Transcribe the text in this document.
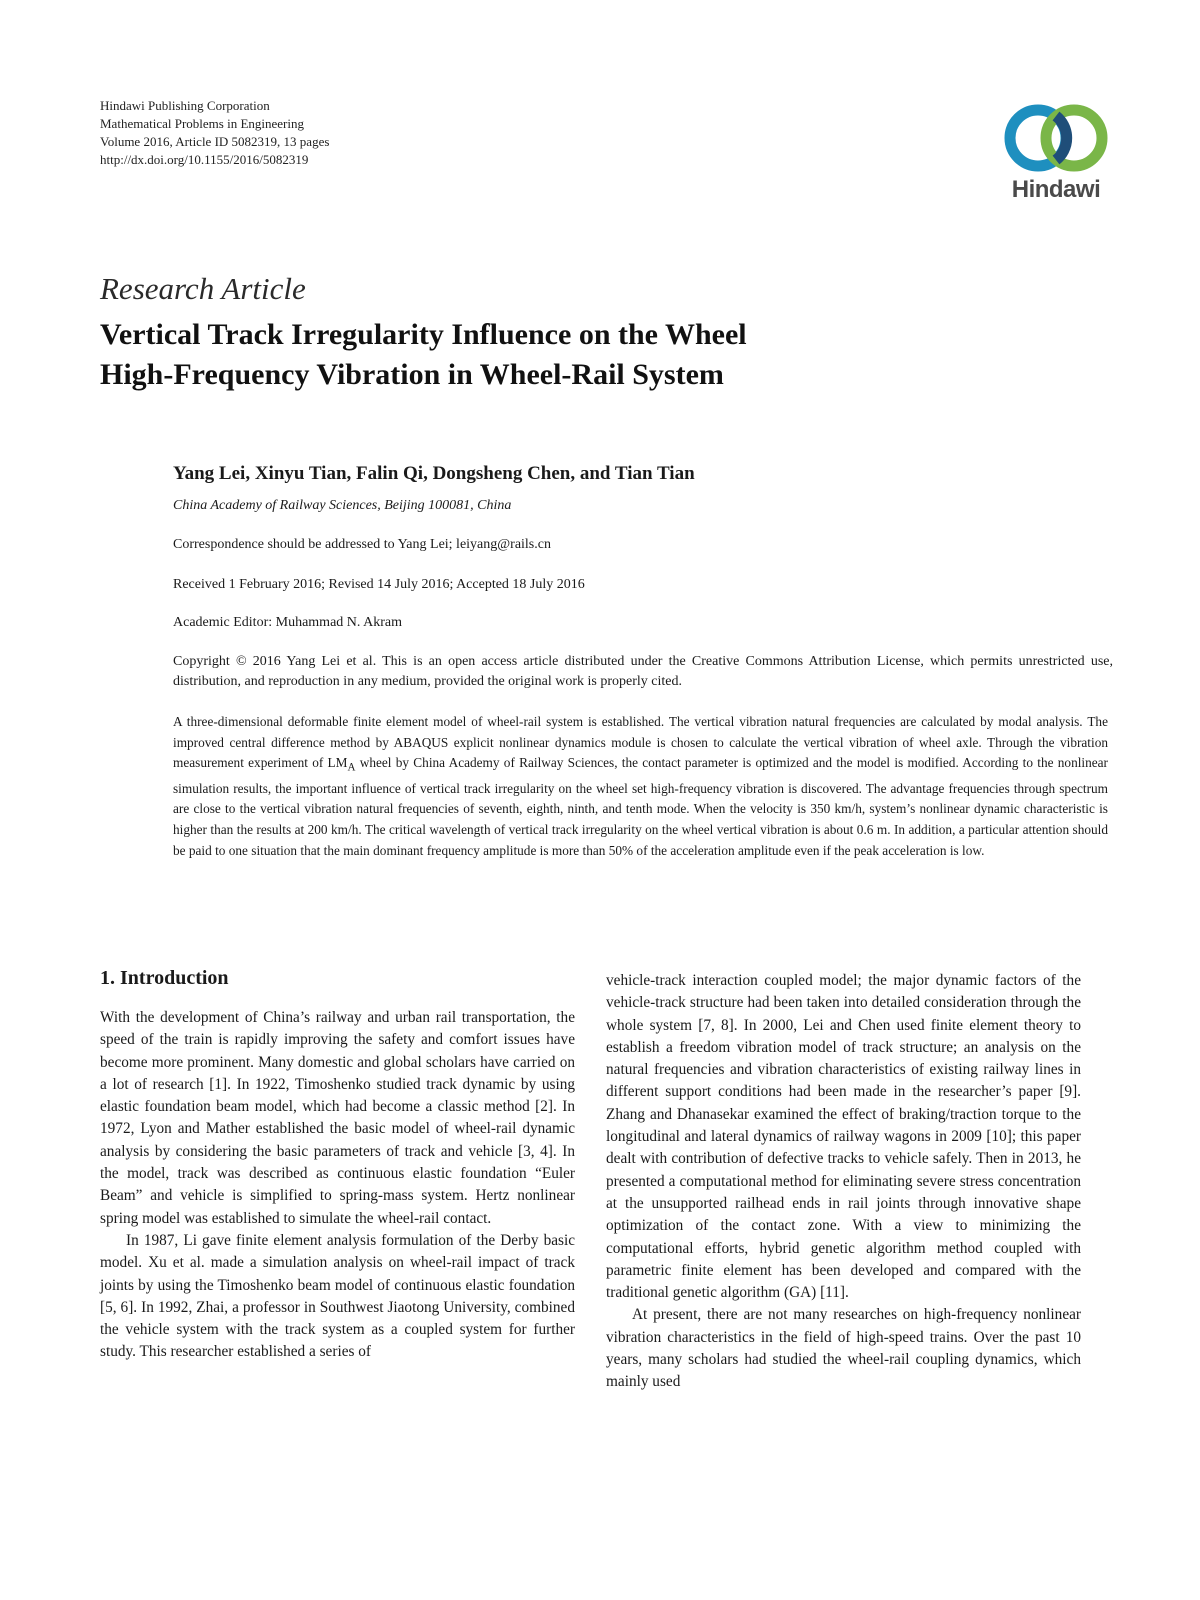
Hindawi Publishing Corporation
Mathematical Problems in Engineering
Volume 2016, Article ID 5082319, 13 pages
http://dx.doi.org/10.1155/2016/5082319
Hindawi
Research Article
Vertical Track Irregularity Influence on the Wheel
High-Frequency Vibration in Wheel-Rail System
Yang Lei, Xinyu Tian, Falin Qi, Dongsheng Chen, and Tian Tian
China Academy of Railway Sciences, Beijing 100081, China
Correspondence should be addressed to Yang Lei; leiyang@rails.cn
Received 1 February 2016; Revised 14 July 2016; Accepted 18 July 2016
Academic Editor: Muhammad N. Akram
Copyright © 2016 Yang Lei et al. This is an open access article distributed under the Creative Commons Attribution License, which permits unrestricted use, distribution, and reproduction in any medium, provided the original work is properly cited.

A three-dimensional deformable finite element model of wheel-rail system is established. The vertical vibration natural frequencies are calculated by modal analysis. The improved central difference method by ABAQUS explicit nonlinear dynamics module is chosen to calculate the vertical vibration of wheel axle. Through the vibration measurement experiment of $LM_A$ wheel by China Academy of Railway Sciences, the contact parameter is optimized and the model is modified. According to the nonlinear simulation results, the important influence of vertical track irregularity on the wheel set high-frequency vibration is discovered. The advantage frequencies through spectrum are close to the vertical vibration natural frequencies of seventh, eighth, ninth, and tenth mode. When the velocity is 350 km/h, system’s nonlinear dynamic characteristic is higher than the results at 200 km/h. The critical wavelength of vertical track irregularity on the wheel vertical vibration is about 0.6 m. In addition, a particular attention should be paid to one situation that the main dominant frequency amplitude is more than 50% of the acceleration amplitude even if the peak acceleration is low.

1. Introduction

With the development of China’s railway and urban rail transportation, the speed of the train is rapidly improving the safety and comfort issues have become more prominent. Many domestic and global scholars have carried on a lot of research [1]. In 1922, Timoshenko studied track dynamic by using elastic foundation beam model, which had become a classic method [2]. In 1972, Lyon and Mather established the basic model of wheel-rail dynamic analysis by considering the basic parameters of track and vehicle [3, 4]. In the model, track was described as continuous elastic foundation “Euler Beam” and vehicle is simplified to spring-mass system. Hertz nonlinear spring model was established to simulate the wheel-rail contact.

In 1987, Li gave finite element analysis formulation of the Derby basic model. Xu et al. made a simulation analysis on wheel-rail impact of track joints by using the Timoshenko beam model of continuous elastic foundation [5, 6]. In 1992, Zhai, a professor in Southwest Jiaotong University, combined the vehicle system with the track system as a coupled system for further study. This researcher established a series of

vehicle-track interaction coupled model; the major dynamic factors of the vehicle-track structure had been taken into detailed consideration through the whole system [7, 8]. In 2000, Lei and Chen used finite element theory to establish a freedom vibration model of track structure; an analysis on the natural frequencies and vibration characteristics of existing railway lines in different support conditions had been made in the researcher’s paper [9]. Zhang and Dhanasekar examined the effect of braking/traction torque to the longitudinal and lateral dynamics of railway wagons in 2009 [10]; this paper dealt with contribution of defective tracks to vehicle safely. Then in 2013, he presented a computational method for eliminating severe stress concentration at the unsupported railhead ends in rail joints through innovative shape optimization of the contact zone. With a view to minimizing the computational efforts, hybrid genetic algorithm method coupled with parametric finite element has been developed and compared with the traditional genetic algorithm (GA) [11].

At present, there are not many researches on high-frequency nonlinear vibration characteristics in the field of high-speed trains. Over the past 10 years, many scholars had studied the wheel-rail coupling dynamics, which mainly used
